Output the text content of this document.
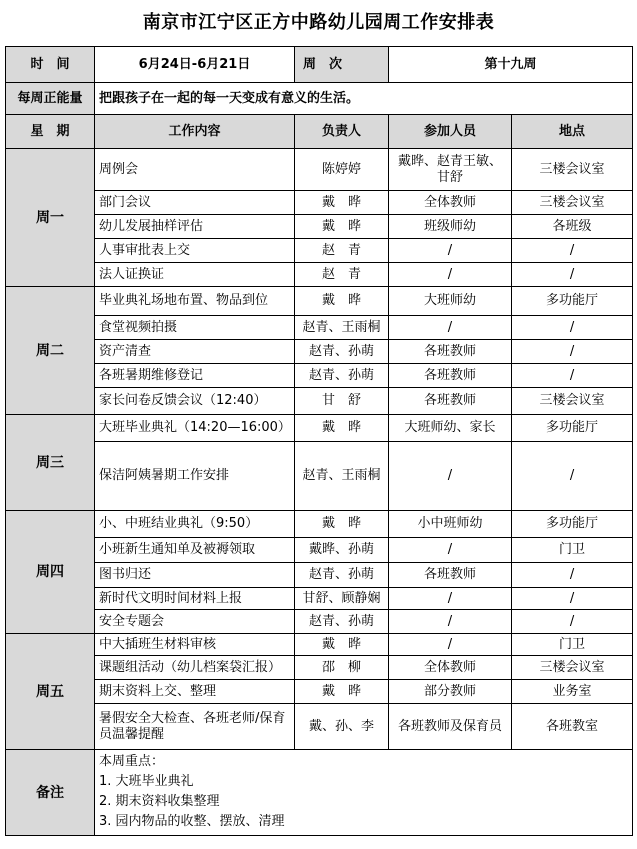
南京市江宁区正方中路幼儿园周工作安排表
时　间	6月24日-6月21日	周　次	第十九周	
每周正能量	把跟孩子在一起的每一天变成有意义的生活。			
星　期	工作内容	负责人	参加人员	地点
周一	周例会	陈婷婷	戴晔、赵青王敏、甘舒	三楼会议室
	部门会议	戴　晔	全体教师	三楼会议室
	幼儿发展抽样评估	戴　晔	班级师幼	各班级
	人事审批表上交	赵　青	/	/
	法人证换证	赵　青	/	/
周二	毕业典礼场地布置、物品到位	戴　晔	大班师幼	多功能厅
	食堂视频拍摄	赵青、王雨桐	/	/
	资产清查	赵青、孙萌	各班教师	/
	各班暑期维修登记	赵青、孙萌	各班教师	/
	家长问卷反馈会议（12:40）	甘　舒	各班教师	三楼会议室
周三	大班毕业典礼（14:20—16:00）	戴　晔	大班师幼、家长	多功能厅
	保洁阿姨暑期工作安排	赵青、王雨桐	/	/
周四	小、中班结业典礼（9:50）	戴　晔	小中班师幼	多功能厅
	小班新生通知单及被褥领取	戴晔、孙萌	/	门卫
	图书归还	赵青、孙萌	各班教师	/
	新时代文明时间材料上报	甘舒、顾静娴	/	/
	安全专题会	赵青、孙萌	/	/
周五	中大插班生材料审核	戴　晔	/	门卫
	课题组活动（幼儿档案袋汇报）	邵　柳	全体教师	三楼会议室
	期末资料上交、整理	戴　晔	部分教师	业务室
	暑假安全大检查、各班老师/保育员温馨提醒	戴、孙、李	各班教师及保育员	各班教室
备注	本周重点：
1. 大班毕业典礼
2. 期末资料收集整理
3. 园内物品的收整、摆放、清理			
